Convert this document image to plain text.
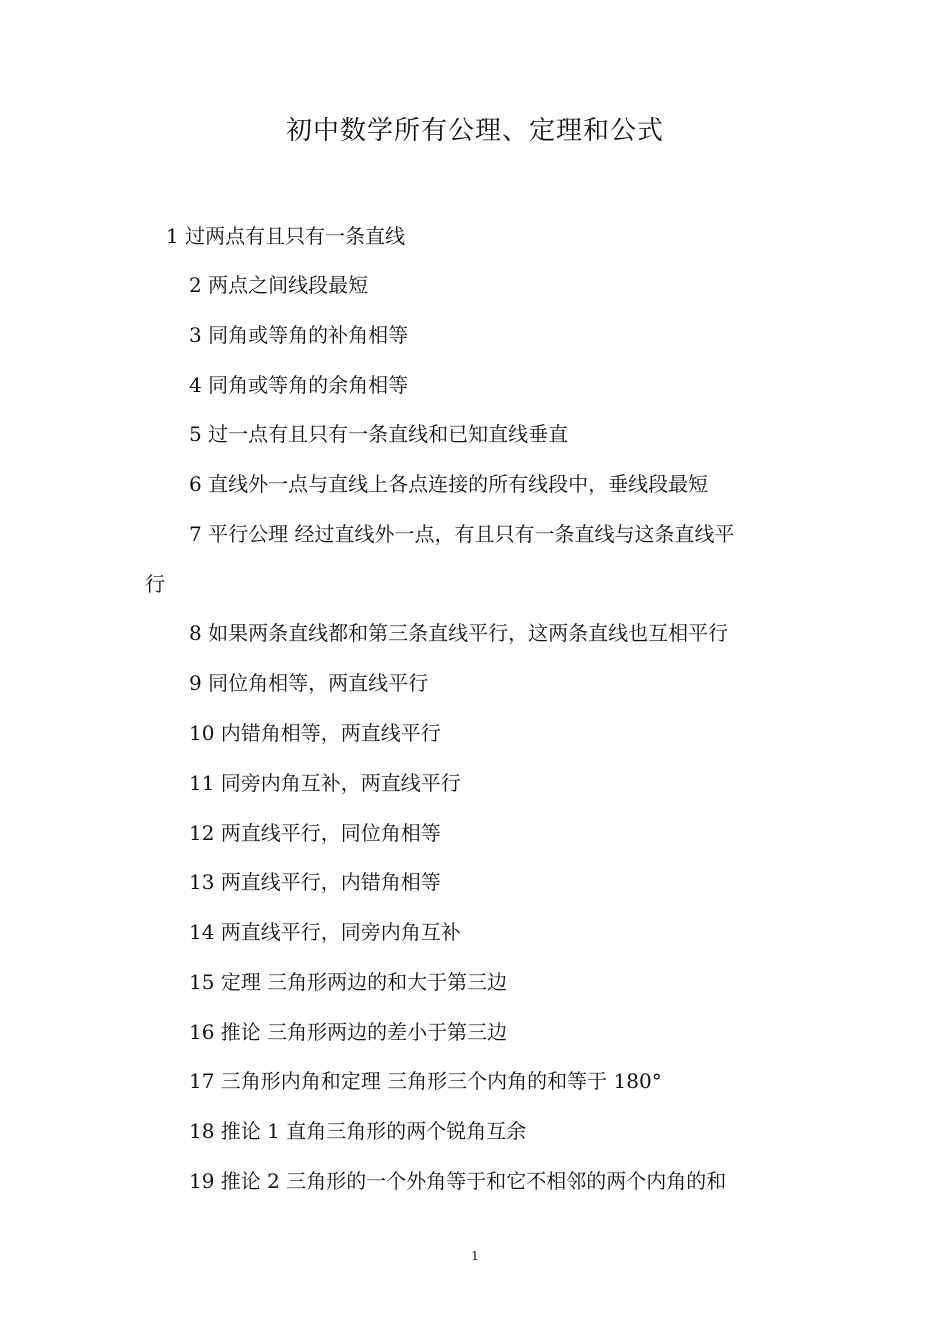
初中数学所有公理、定理和公式
1 过两点有且只有一条直线
2 两点之间线段最短
3 同角或等角的补角相等
4 同角或等角的余角相等
5 过一点有且只有一条直线和已知直线垂直
6 直线外一点与直线上各点连接的所有线段中，垂线段最短
7 平行公理 经过直线外一点，有且只有一条直线与这条直线平
行
8 如果两条直线都和第三条直线平行，这两条直线也互相平行
9 同位角相等，两直线平行
10 内错角相等，两直线平行
11 同旁内角互补，两直线平行
12 两直线平行，同位角相等
13 两直线平行，内错角相等
14 两直线平行，同旁内角互补
15 定理 三角形两边的和大于第三边
16 推论 三角形两边的差小于第三边
17 三角形内角和定理 三角形三个内角的和等于 180°
18 推论 1 直角三角形的两个锐角互余
19 推论 2 三角形的一个外角等于和它不相邻的两个内角的和
1
